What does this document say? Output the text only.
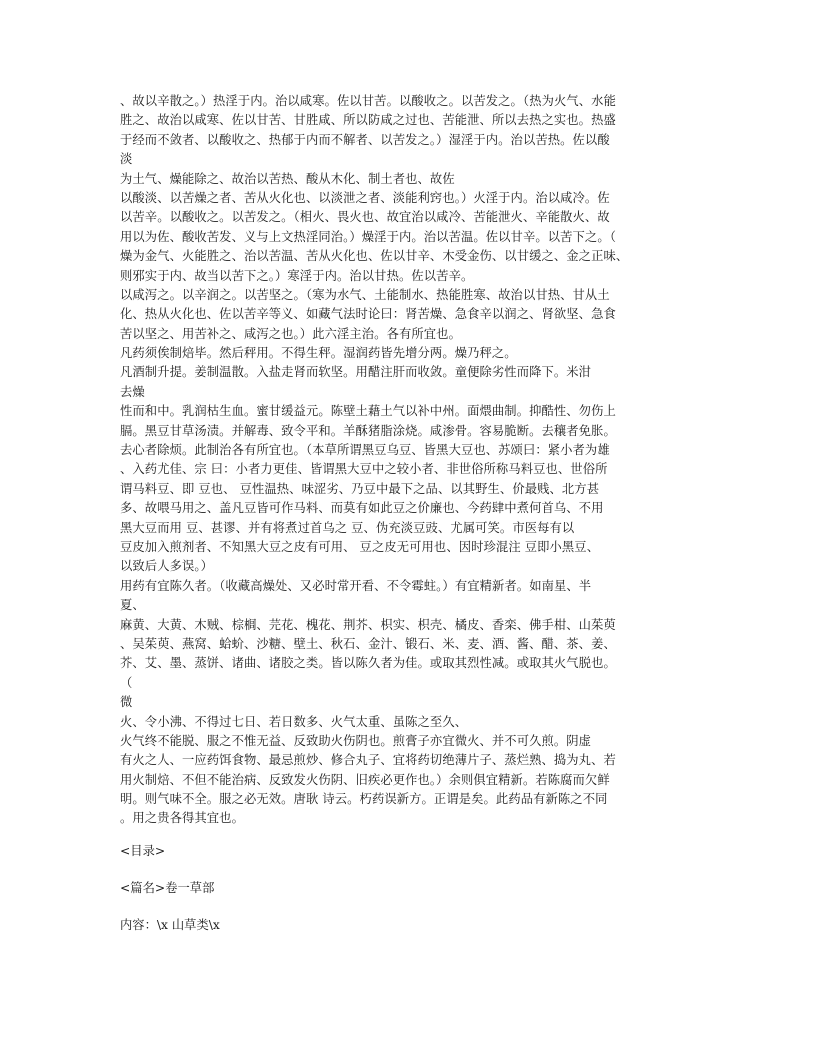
、故以辛散之。）热淫于内。治以咸寒。佐以甘苦。以酸收之。以苦发之。（热为火气、水能
胜之、故治以咸寒、佐以甘苦、甘胜咸、所以防咸之过也、苦能泄、所以去热之实也。热盛
于经而不敛者、以酸收之、热郁于内而不解者、以苦发之。）湿淫于内。治以苦热。佐以酸
淡
为土气、燥能除之、故治以苦热、酸从木化、制土者也、故佐
以酸淡、以苦燥之者、苦从火化也、以淡泄之者、淡能利窍也。）火淫于内。治以咸冷。佐
以苦辛。以酸收之。以苦发之。（相火、畏火也、故宜治以咸冷、苦能泄火、辛能散火、故
用以为佐、酸收苦发、义与上文热淫同治。）燥淫于内。治以苦温。佐以甘辛。以苦下之。（
燥为金气、火能胜之、治以苦温、苦从火化也、佐以甘辛、木受金伤、以甘缓之、金之正味、
则邪实于内、故当以苦下之。）寒淫于内。治以甘热。佐以苦辛。
以咸泻之。以辛润之。以苦坚之。（寒为水气、土能制水、热能胜寒、故治以甘热、甘从土
化、热从火化也、佐以苦辛等义、如藏气法时论曰：肾苦燥、急食辛以润之、肾欲坚、急食
苦以坚之、用苦补之、咸泻之也。）此六淫主治。各有所宜也。
凡药须俟制焙毕。然后秤用。不得生秤。湿润药皆先增分两。燥乃秤之。
凡酒制升提。姜制温散。入盐走肾而软坚。用醋注肝而收敛。童便除劣性而降下。米泔
去燥
性而和中。乳润枯生血。蜜甘缓益元。陈壁土藉土气以补中州。面煨曲制。抑酷性、勿伤上
膈。黑豆甘草汤渍。并解毒、致令平和。羊酥猪脂涂烧。咸渗骨。容易脆断。去穰者免胀。
去心者除烦。此制治各有所宜也。（本草所谓黑豆乌豆、皆黑大豆也、苏颂曰：紧小者为雄
、入药尤佳、宗 曰：小者力更佳、皆谓黑大豆中之较小者、非世俗所称马料豆也、世俗所
谓马料豆、即 豆也、 豆性温热、味涩劣、乃豆中最下之品、以其野生、价最贱、北方甚
多、故喂马用之、盖凡豆皆可作马料、而莫有如此豆之价廉也、今药肆中煮何首乌、不用
黑大豆而用 豆、甚谬、并有将煮过首乌之 豆、伪充淡豆豉、尤属可笑。市医每有以
豆皮加入煎剂者、不知黑大豆之皮有可用、 豆之皮无可用也、因时珍混注 豆即小黑豆、
以致后人多误。）
用药有宜陈久者。（收藏高燥处、又必时常开看、不令霉蛀。）有宜精新者。如南星、半
夏、
麻黄、大黄、木贼、棕榈、芫花、槐花、荆芥、枳实、枳壳、橘皮、香栾、佛手柑、山茱萸
、吴茱萸、燕窝、蛤蚧、沙糖、壁土、秋石、金汁、锻石、米、麦、酒、酱、醋、茶、姜、
芥、艾、墨、蒸饼、诸曲、诸胶之类。皆以陈久者为佳。或取其烈性减。或取其火气脱也。
（
微
火、令小沸、不得过七日、若日数多、火气太重、虽陈之至久、
火气终不能脱、服之不惟无益、反致助火伤阴也。煎膏子亦宜微火、并不可久煎。阴虚
有火之人、一应药饵食物、最忌煎炒、修合丸子、宜将药切绝薄片子、蒸烂熟、捣为丸、若
用火制焙、不但不能治病、反致发火伤阴、旧疾必更作也。）余则俱宜精新。若陈腐而欠鲜
明。则气味不全。服之必无效。唐耿 诗云。朽药误新方。正谓是矣。此药品有新陈之不同
。用之贵各得其宜也。
<目录>
<篇名>卷一草部
内容：\x 山草类\x
